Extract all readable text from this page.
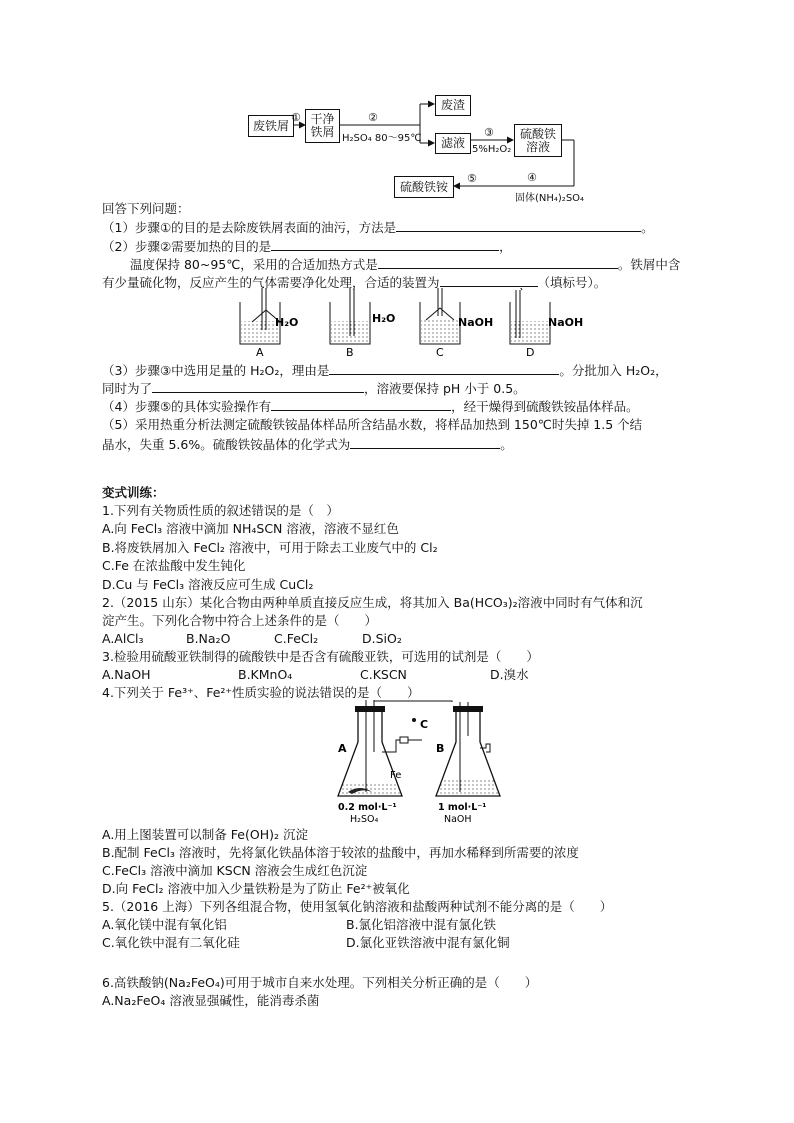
废铁屑	干净
铁屑
废渣
滤液
硫酸铁
溶液
硫酸铁铵
①	②
H₂SO₄ 80～95℃	③
5%H₂O₂
④
固体(NH₄)₂SO₄
⑤
回答下列问题：
（1）步骤①的目的是去除废铁屑表面的油污，方法是	。
（2）步骤②需要加热的目的是	，
温度保持 80~95℃，采用的合适加热方式是	。铁屑中含
有少量硫化物，反应产生的气体需要净化处理，合适的装置为	（填标号）。
H₂O	H₂O	NaOH	NaOH
A	B	C	D
（3）步骤③中选用足量的 H₂O₂，理由是	。分批加入 H₂O₂，
同时为了	，溶液要保持 pH 小于 0.5。
（4）步骤⑤的具体实验操作有	，经干燥得到硫酸铁铵晶体样品。
（5）采用热重分析法测定硫酸铁铵晶体样品所含结晶水数，将样品加热到 150℃时失掉 1.5 个结
晶水，失重 5.6%。硫酸铁铵晶体的化学式为	。
变式训练：
1.下列有关物质性质的叙述错误的是（　）
A.向 FeCl₃ 溶液中滴加 NH₄SCN 溶液，溶液不显红色
B.将废铁屑加入 FeCl₂ 溶液中，可用于除去工业废气中的 Cl₂
C.Fe 在浓盐酸中发生钝化
D.Cu 与 FeCl₃ 溶液反应可生成 CuCl₂
2.（2015 山东）某化合物由两种单质直接反应生成，将其加入 Ba(HCO₃)₂溶液中同时有气体和沉
淀产生。下列化合物中符合上述条件的是（　　）
A.AlCl₃	B.Na₂O	C.FeCl₂	D.SiO₂
3.检验用硫酸亚铁制得的硫酸铁中是否含有硫酸亚铁，可选用的试剂是（　　）
A.NaOH	B.KMnO₄	C.KSCN	D.溴水
4.下列关于 Fe³⁺、Fe²⁺性质实验的说法错误的是（　　）
A	B
C
Fe
0.2 mol·L⁻¹
H₂SO₄
1 mol·L⁻¹
NaOH
A.用上图装置可以制备 Fe(OH)₂ 沉淀
B.配制 FeCl₃ 溶液时，先将氯化铁晶体溶于较浓的盐酸中，再加水稀释到所需要的浓度
C.FeCl₃ 溶液中滴加 KSCN 溶液会生成红色沉淀
D.向 FeCl₂ 溶液中加入少量铁粉是为了防止 Fe²⁺被氧化
5.（2016 上海）下列各组混合物，使用氢氧化钠溶液和盐酸两种试剂不能分离的是（　　）
A.氧化镁中混有氧化铝	B.氯化铝溶液中混有氯化铁
C.氧化铁中混有二氧化硅	D.氯化亚铁溶液中混有氯化铜
6.高铁酸钠(Na₂FeO₄)可用于城市自来水处理。下列相关分析正确的是（　　）
A.Na₂FeO₄ 溶液显强碱性，能消毒杀菌
